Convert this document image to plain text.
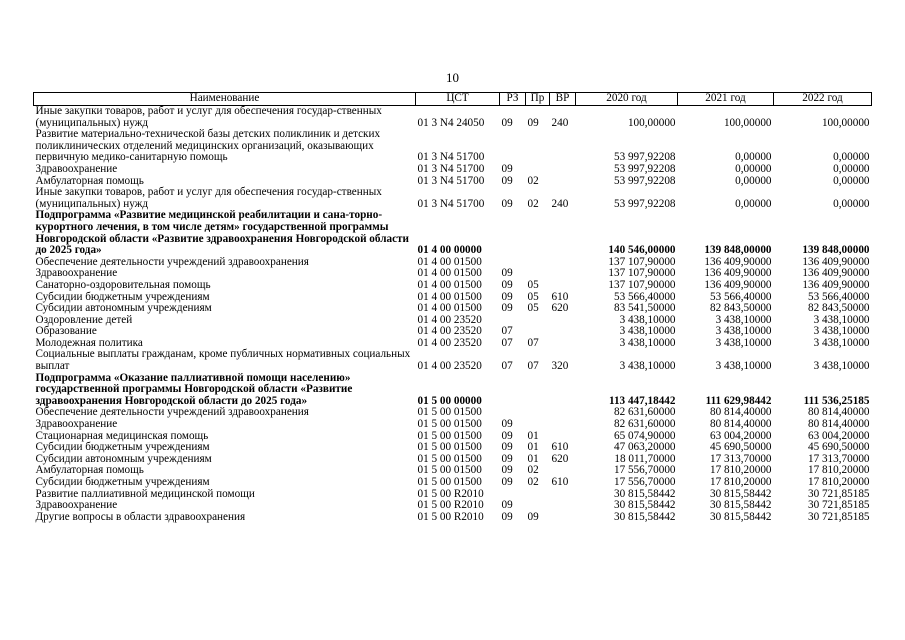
10
Наименование	ЦСТ	РЗ	Пр	ВР	2020 год	2021 год	2022 год
Иные закупки товаров, работ и услуг для обеспечения государ-ственных (муниципальных) нужд	01 3 N4 24050	09	09	240	100,00000	100,00000	100,00000
Развитие материально-технической базы детских поликлиник и детских поликлинических отделений медицинских организаций, оказывающих первичную медико-санитарную помощь	01 3 N4 51700				53 997,92208	0,00000	0,00000
Здравоохранение	01 3 N4 51700	09			53 997,92208	0,00000	0,00000
Амбулаторная помощь	01 3 N4 51700	09	02		53 997,92208	0,00000	0,00000
Иные закупки товаров, работ и услуг для обеспечения государ-ственных (муниципальных) нужд	01 3 N4 51700	09	02	240	53 997,92208	0,00000	0,00000
Подпрограмма «Развитие медицинской реабилитации и сана-торно-курортного лечения, в том числе детям» государственной программы Новгородской области «Развитие здравоохранения Новгородской области до 2025 года»	01 4 00 00000				140 546,00000	139 848,00000	139 848,00000
Обеспечение деятельности учреждений здравоохранения	01 4 00 01500				137 107,90000	136 409,90000	136 409,90000
Здравоохранение	01 4 00 01500	09			137 107,90000	136 409,90000	136 409,90000
Санаторно-оздоровительная помощь	01 4 00 01500	09	05		137 107,90000	136 409,90000	136 409,90000
Субсидии бюджетным учреждениям	01 4 00 01500	09	05	610	53 566,40000	53 566,40000	53 566,40000
Субсидии автономным учреждениям	01 4 00 01500	09	05	620	83 541,50000	82 843,50000	82 843,50000
Оздоровление детей	01 4 00 23520				3 438,10000	3 438,10000	3 438,10000
Образование	01 4 00 23520	07			3 438,10000	3 438,10000	3 438,10000
Молодежная политика	01 4 00 23520	07	07		3 438,10000	3 438,10000	3 438,10000
Социальные выплаты гражданам, кроме публичных нормативных социальных выплат	01 4 00 23520	07	07	320	3 438,10000	3 438,10000	3 438,10000
Подпрограмма «Оказание паллиативной помощи населению» государственной программы Новгородской области «Развитие здравоохранения Новгородской области до 2025 года»	01 5 00 00000				113 447,18442	111 629,98442	111 536,25185
Обеспечение деятельности учреждений здравоохранения	01 5 00 01500				82 631,60000	80 814,40000	80 814,40000
Здравоохранение	01 5 00 01500	09			82 631,60000	80 814,40000	80 814,40000
Стационарная медицинская помощь	01 5 00 01500	09	01		65 074,90000	63 004,20000	63 004,20000
Субсидии бюджетным учреждениям	01 5 00 01500	09	01	610	47 063,20000	45 690,50000	45 690,50000
Субсидии автономным учреждениям	01 5 00 01500	09	01	620	18 011,70000	17 313,70000	17 313,70000
Амбулаторная помощь	01 5 00 01500	09	02		17 556,70000	17 810,20000	17 810,20000
Субсидии бюджетным учреждениям	01 5 00 01500	09	02	610	17 556,70000	17 810,20000	17 810,20000
Развитие паллиативной медицинской помощи	01 5 00 R2010				30 815,58442	30 815,58442	30 721,85185
Здравоохранение	01 5 00 R2010	09			30 815,58442	30 815,58442	30 721,85185
Другие вопросы в области здравоохранения	01 5 00 R2010	09	09		30 815,58442	30 815,58442	30 721,85185
